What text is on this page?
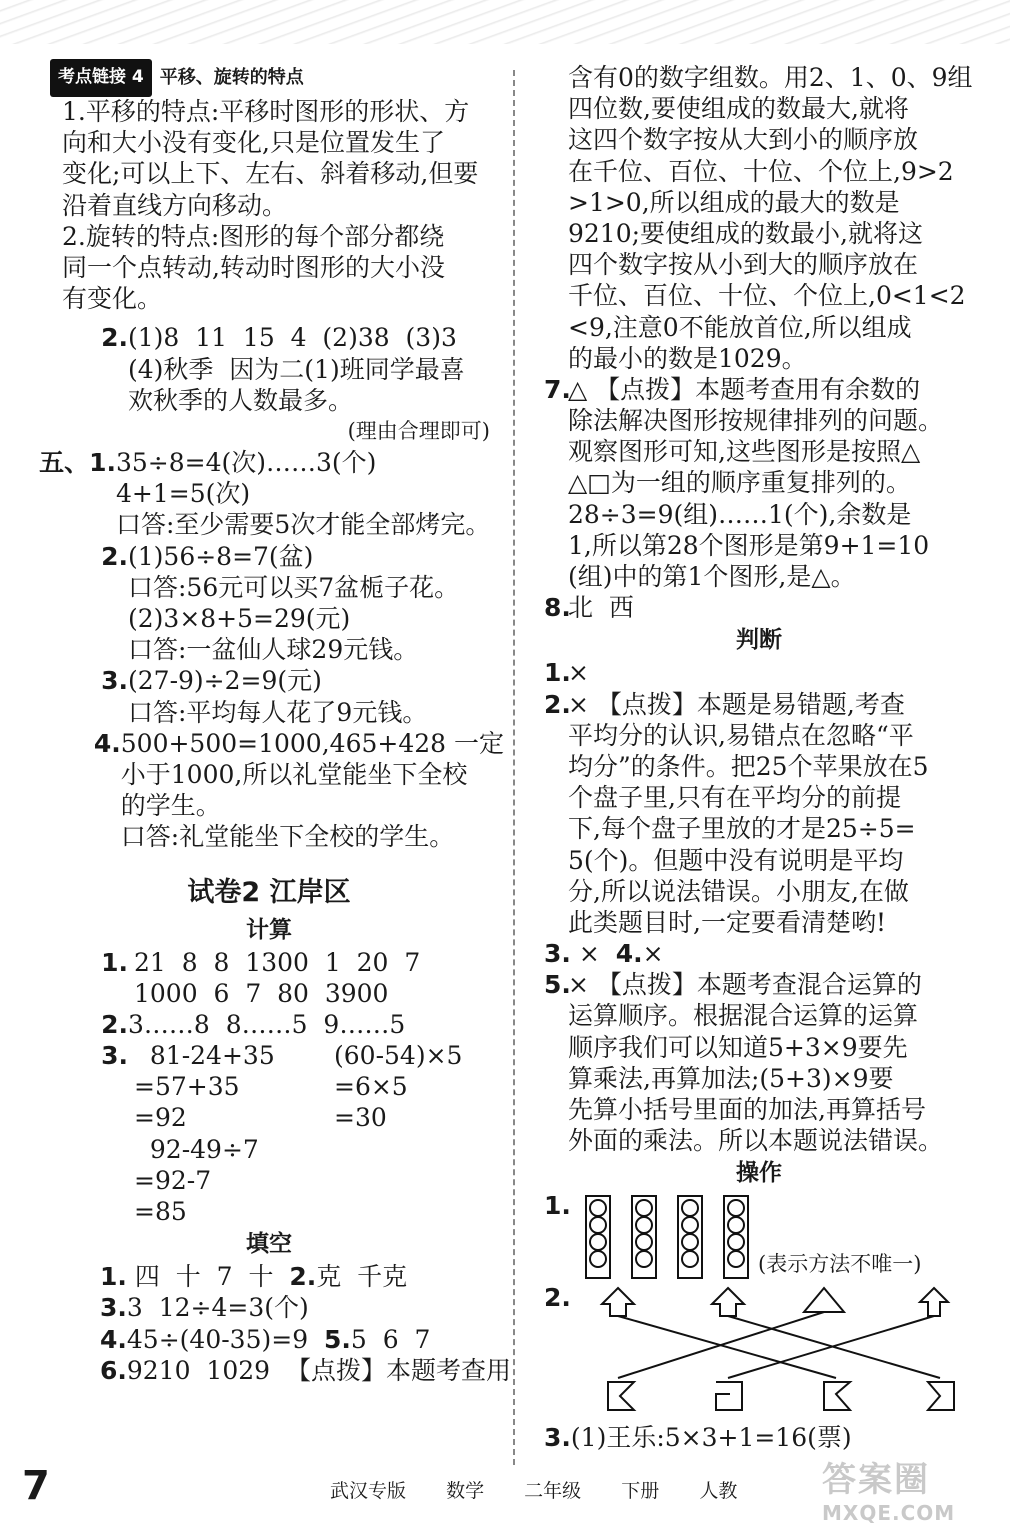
考点链接 4 平移、旋转的特点
1.平移的特点:平移时图形的形状、方
向和大小没有变化,只是位置发生了
变化;可以上下、左右、斜着移动,但要
沿着直线方向移动。
2.旋转的特点:图形的每个部分都绕
同一个点转动,转动时图形的大小没
有变化。
2. (1)8  11  15  4  (2)38  (3)3
(4)秋季  因为二(1)班同学最喜
欢秋季的人数最多。
(理由合理即可)
五、1. 35÷8=4(次)……3(个)
4+1=5(次)
口答:至少需要5次才能全部烤完。
2. (1)56÷8=7(盆)
口答:56元可以买7盆栀子花。
(2)3×8+5=29(元)
口答:一盆仙人球29元钱。
3. (27-9)÷2=9(元)
口答:平均每人花了9元钱。
4. 500+500=1000,465+428 一定
小于1000,所以礼堂能坐下全校
的学生。
口答:礼堂能坐下全校的学生。
试卷2 江岸区
计算
1. 21  8  8  1300  1  20  7
1000  6  7  80  3900
2. 3……8  8……5  9……5
3. 81-24+35	(60-54)×5
=57+35	=6×5
=92	=30
92-49÷7
=92-7
=85
填空
1. 四  十  7  十  2.克  千克
3.3  12÷4=3(个)
4.45÷(40-35)=9  5.5  6  7
6.9210  1029  【点拨】本题考查用
含有0的数字组数。用2、1、0、9组
四位数,要使组成的数最大,就将
这四个数字按从大到小的顺序放
在千位、百位、十位、个位上,9>2
>1>0,所以组成的最大的数是
9210;要使组成的数最小,就将这
四个数字按从小到大的顺序放在
千位、百位、十位、个位上,0<1<2
<9,注意0不能放首位,所以组成
的最小的数是1029。
7.
△ 【点拨】本题考查用有余数的
除法解决图形按规律排列的问题。
观察图形可知,这些图形是按照△
△□为一组的顺序重复排列的。
28÷3=9(组)……1(个),余数是
1,所以第28个图形是第9+1=10
(组)中的第1个图形,是△。
8.
北  西
判断
1.
×
2.
× 【点拨】本题是易错题,考查
平均分的认识,易错点在忽略“平
均分”的条件。把25个苹果放在5
个盘子里,只有在平均分的前提
下,每个盘子里放的才是25÷5=
5(个)。但题中没有说明是平均
分,所以说法错误。小朋友,在做
此类题目时,一定要看清楚哟!
3. ×  4.×
5.
× 【点拨】本题考查混合运算的
运算顺序。根据混合运算的运算
顺序我们可以知道5+3×9要先
算乘法,再算加法;(5+3)×9要
先算小括号里面的加法,再算括号
外面的乘法。所以本题说法错误。
操作
1.
(表示方法不唯一)
2.
3.(1)王乐:5×3+1=16(票)
7	武汉专版  数学  二年级  下册  人教 答案圈
MXQE.COM
